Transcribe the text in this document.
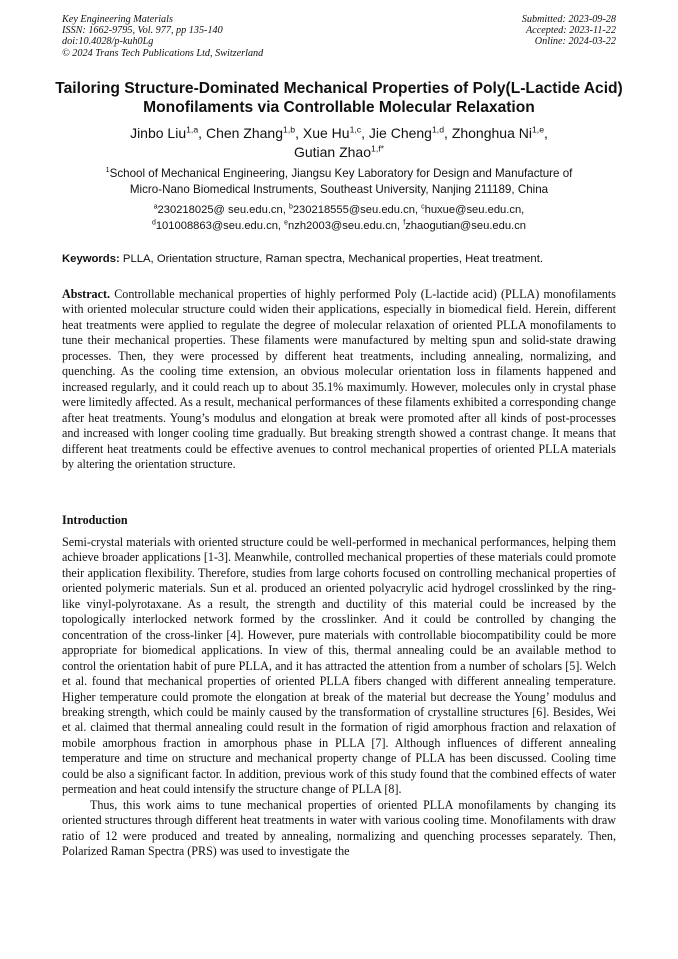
Key Engineering Materials
ISSN: 1662-9795, Vol. 977, pp 135-140
doi:10.4028/p-kuh0Lg
© 2024 Trans Tech Publications Ltd, Switzerland
Submitted: 2023-09-28
Accepted: 2023-11-22
Online: 2024-03-22
Tailoring Structure-Dominated Mechanical Properties of Poly(L-Lactide Acid) Monofilaments via Controllable Molecular Relaxation
Jinbo Liu$^{1,a}$, Chen Zhang$^{1,b}$, Xue Hu$^{1,c}$, Jie Cheng$^{1,d}$, Zhonghua Ni$^{1,e}$,
Gutian Zhao$^{1,f*}$
$^1$School of Mechanical Engineering, Jiangsu Key Laboratory for Design and Manufacture of
Micro-Nano Biomedical Instruments, Southeast University, Nanjing 211189, China
$^a$230218025@ seu.edu.cn, $^b$230218555@seu.edu.cn, $^c$huxue@seu.edu.cn,
$^d$101008863@seu.edu.cn, $^e$nzh2003@seu.edu.cn, $^f$zhaogutian@seu.edu.cn
Keywords: PLLA, Orientation structure, Raman spectra, Mechanical properties, Heat treatment.
Abstract. Controllable mechanical properties of highly performed Poly (L-lactide acid) (PLLA) monofilaments with oriented molecular structure could widen their applications, especially in biomedical field. Herein, different heat treatments were applied to regulate the degree of molecular relaxation of oriented PLLA monofilaments to tune their mechanical properties. These filaments were manufactured by melting spun and solid-state drawing processes. Then, they were processed by different heat treatments, including annealing, normalizing, and quenching. As the cooling time extension, an obvious molecular orientation loss in filaments happened and increased regularly, and it could reach up to about 35.1% maximumly. However, molecules only in crystal phase were limitedly affected. As a result, mechanical performances of these filaments exhibited a corresponding change after heat treatments. Young’s modulus and elongation at break were promoted after all kinds of post-processes and increased with longer cooling time gradually. But breaking strength showed a contrast change. It means that different heat treatments could be effective avenues to control mechanical properties of oriented PLLA materials by altering the orientation structure.
Introduction

Semi-crystal materials with oriented structure could be well-performed in mechanical performances, helping them achieve broader applications [1-3]. Meanwhile, controlled mechanical properties of these materials could promote their application flexibility. Therefore, studies from large cohorts focused on controlling mechanical properties of oriented polymeric materials. Sun et al. produced an oriented polyacrylic acid hydrogel crosslinked by the ring-like vinyl-polyrotaxane. As a result, the strength and ductility of this material could be increased by the topologically interlocked network formed by the crosslinker. And it could be controlled by changing the concentration of the cross-linker [4]. However, pure materials with controllable biocompatibility could be more appropriate for biomedical applications. In view of this, thermal annealing could be an available method to control the orientation habit of pure PLLA, and it has attracted the attention from a number of scholars [5]. Welch et al. found that mechanical properties of oriented PLLA fibers changed with different annealing temperature. Higher temperature could promote the elongation at break of the material but decrease the Young’ modulus and breaking strength, which could be mainly caused by the transformation of crystalline structures [6]. Besides, Wei et al. claimed that thermal annealing could result in the formation of rigid amorphous fraction and relaxation of mobile amorphous fraction in amorphous phase in PLLA [7]. Although influences of different annealing temperature and time on structure and mechanical property change of PLLA has been discussed. Cooling time could be also a significant factor. In addition, previous work of this study found that the combined effects of water permeation and heat could intensify the structure change of PLLA [8].

Thus, this work aims to tune mechanical properties of oriented PLLA monofilaments by changing its oriented structures through different heat treatments in water with various cooling time. Monofilaments with draw ratio of 12 were produced and treated by annealing, normalizing and quenching processes separately. Then, Polarized Raman Spectra (PRS) was used to investigate the
